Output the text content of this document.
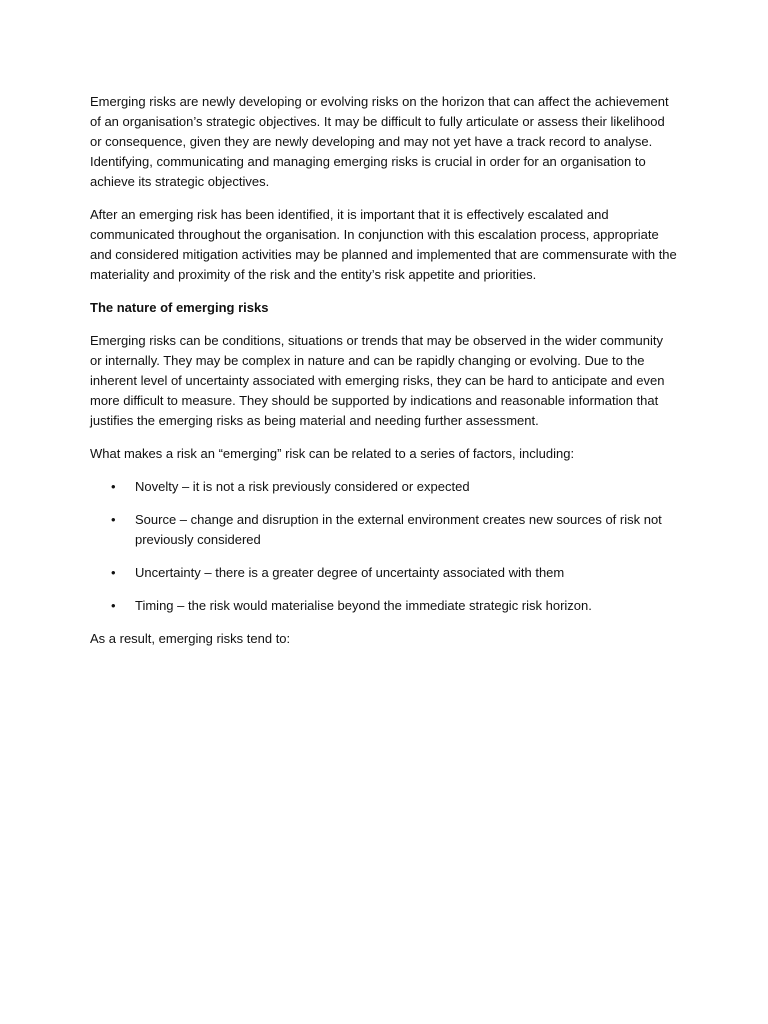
Emerging risks are newly developing or evolving risks on the horizon that can affect the achievement of an organisation’s strategic objectives. It may be difficult to fully articulate or assess their likelihood or consequence, given they are newly developing and may not yet have a track record to analyse. Identifying, communicating and managing emerging risks is crucial in order for an organisation to achieve its strategic objectives.

After an emerging risk has been identified, it is important that it is effectively escalated and communicated throughout the organisation. In conjunction with this escalation process, appropriate and considered mitigation activities may be planned and implemented that are commensurate with the materiality and proximity of the risk and the entity’s risk appetite and priorities.

The nature of emerging risks

Emerging risks can be conditions, situations or trends that may be observed in the wider community or internally. They may be complex in nature and can be rapidly changing or evolving. Due to the inherent level of uncertainty associated with emerging risks, they can be hard to anticipate and even more difficult to measure. They should be supported by indications and reasonable information that justifies the emerging risks as being material and needing further assessment.

What makes a risk an “emerging” risk can be related to a series of factors, including:

• Novelty – it is not a risk previously considered or expected
• Source – change and disruption in the external environment creates new sources of risk not previously considered
• Uncertainty – there is a greater degree of uncertainty associated with them
• Timing – the risk would materialise beyond the immediate strategic risk horizon.

As a result, emerging risks tend to:
